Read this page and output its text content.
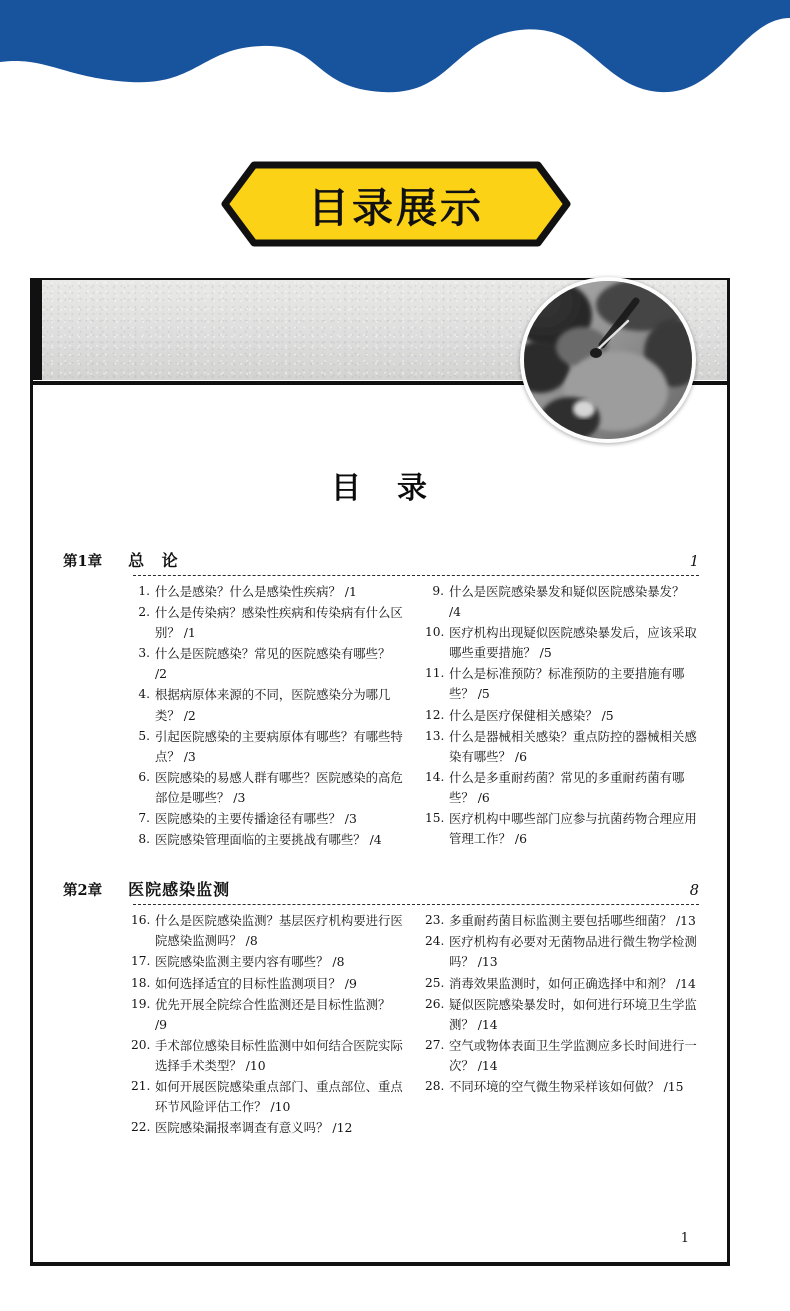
目录展示
目 录
第1章 总 论	1
1. 什么是感染？什么是感染性疾病？ /1
2. 什么是传染病？感染性疾病和传染病有什么区别？ /1
3. 什么是医院感染？常见的医院感染有哪些？ /2
4. 根据病原体来源的不同，医院感染分为哪几类？ /2
5. 引起医院感染的主要病原体有哪些？有哪些特点？ /3
6. 医院感染的易感人群有哪些？医院感染的高危部位是哪些？ /3
7. 医院感染的主要传播途径有哪些？ /3
8. 医院感染管理面临的主要挑战有哪些？ /4
9. 什么是医院感染暴发和疑似医院感染暴发？ /4
10. 医疗机构出现疑似医院感染暴发后，应该采取哪些重要措施？ /5
11. 什么是标准预防？标准预防的主要措施有哪些？ /5
12. 什么是医疗保健相关感染？ /5
13. 什么是器械相关感染？重点防控的器械相关感染有哪些？ /6
14. 什么是多重耐药菌？常见的多重耐药菌有哪些？ /6
15. 医疗机构中哪些部门应参与抗菌药物合理应用管理工作？ /6
第2章 医院感染监测	8
16. 什么是医院感染监测？基层医疗机构要进行医院感染监测吗？ /8
17. 医院感染监测主要内容有哪些？ /8
18. 如何选择适宜的目标性监测项目？ /9
19. 优先开展全院综合性监测还是目标性监测？ /9
20. 手术部位感染目标性监测中如何结合医院实际选择手术类型？ /10
21. 如何开展医院感染重点部门、重点部位、重点环节风险评估工作？ /10
22. 医院感染漏报率调查有意义吗？ /12
23. 多重耐药菌目标监测主要包括哪些细菌？ /13
24. 医疗机构有必要对无菌物品进行微生物学检测吗？ /13
25. 消毒效果监测时，如何正确选择中和剂？ /14
26. 疑似医院感染暴发时，如何进行环境卫生学监测？ /14
27. 空气或物体表面卫生学监测应多长时间进行一次？ /14
28. 不同环境的空气微生物采样该如何做？ /15
1
